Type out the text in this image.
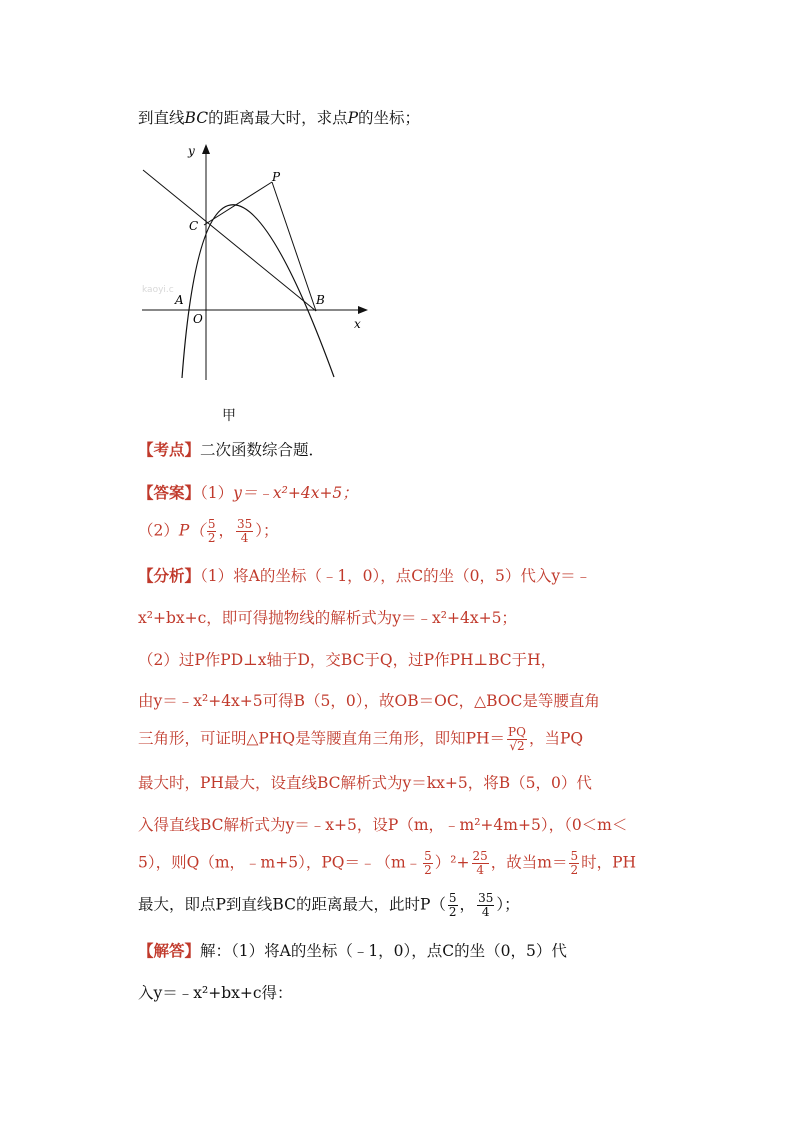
到直线BC的距离最大时，求点P的坐标；
kaoyi.c
y
x
P
C
A	B
O
甲
【考点】二次函数综合题．
【答案】（1）y＝﹣x²+4x+5；
$(2)P( \frac{5}{2}$ ， $\frac{35}{4}$ ）；
【分析】（1）将A的坐标（﹣1，0），点C的坐（0，5）代入y＝﹣
x²+bx+c，即可得抛物线的解析式为y＝﹣x²+4x+5；
（2）过P作PD⊥x轴于D，交BC于Q，过P作PH⊥BC于H，
由y＝﹣x²+4x+5可得B（5，0），故OB＝OC，△BOC是等腰直角
三角形，可证明△PHQ是等腰直角三角形，即知$PH= \frac{PQ}{√2}$ ，当PQ
最大时，PH最大，设直线BC解析式为y＝kx+5，将B（5，0）代
入得直线BC解析式为y＝﹣x+5，设P（m，﹣m²+4m+5），（0＜m＜
5），则Q（m，﹣m+5），PQ＝﹣（m﹣ $\frac{5}{2} )^2+ \frac{25}{4}$ ，故当$m= \frac{5}{2}$ 时，PH
最大，即点P到直线BC的距离最大，此时$P( \frac{5}{2}$ ， $\frac{35}{4}$ ）；
【解答】解：（1）将A的坐标（﹣1，0），点C的坐（0，5）代
入y＝﹣x²+bx+c得：
